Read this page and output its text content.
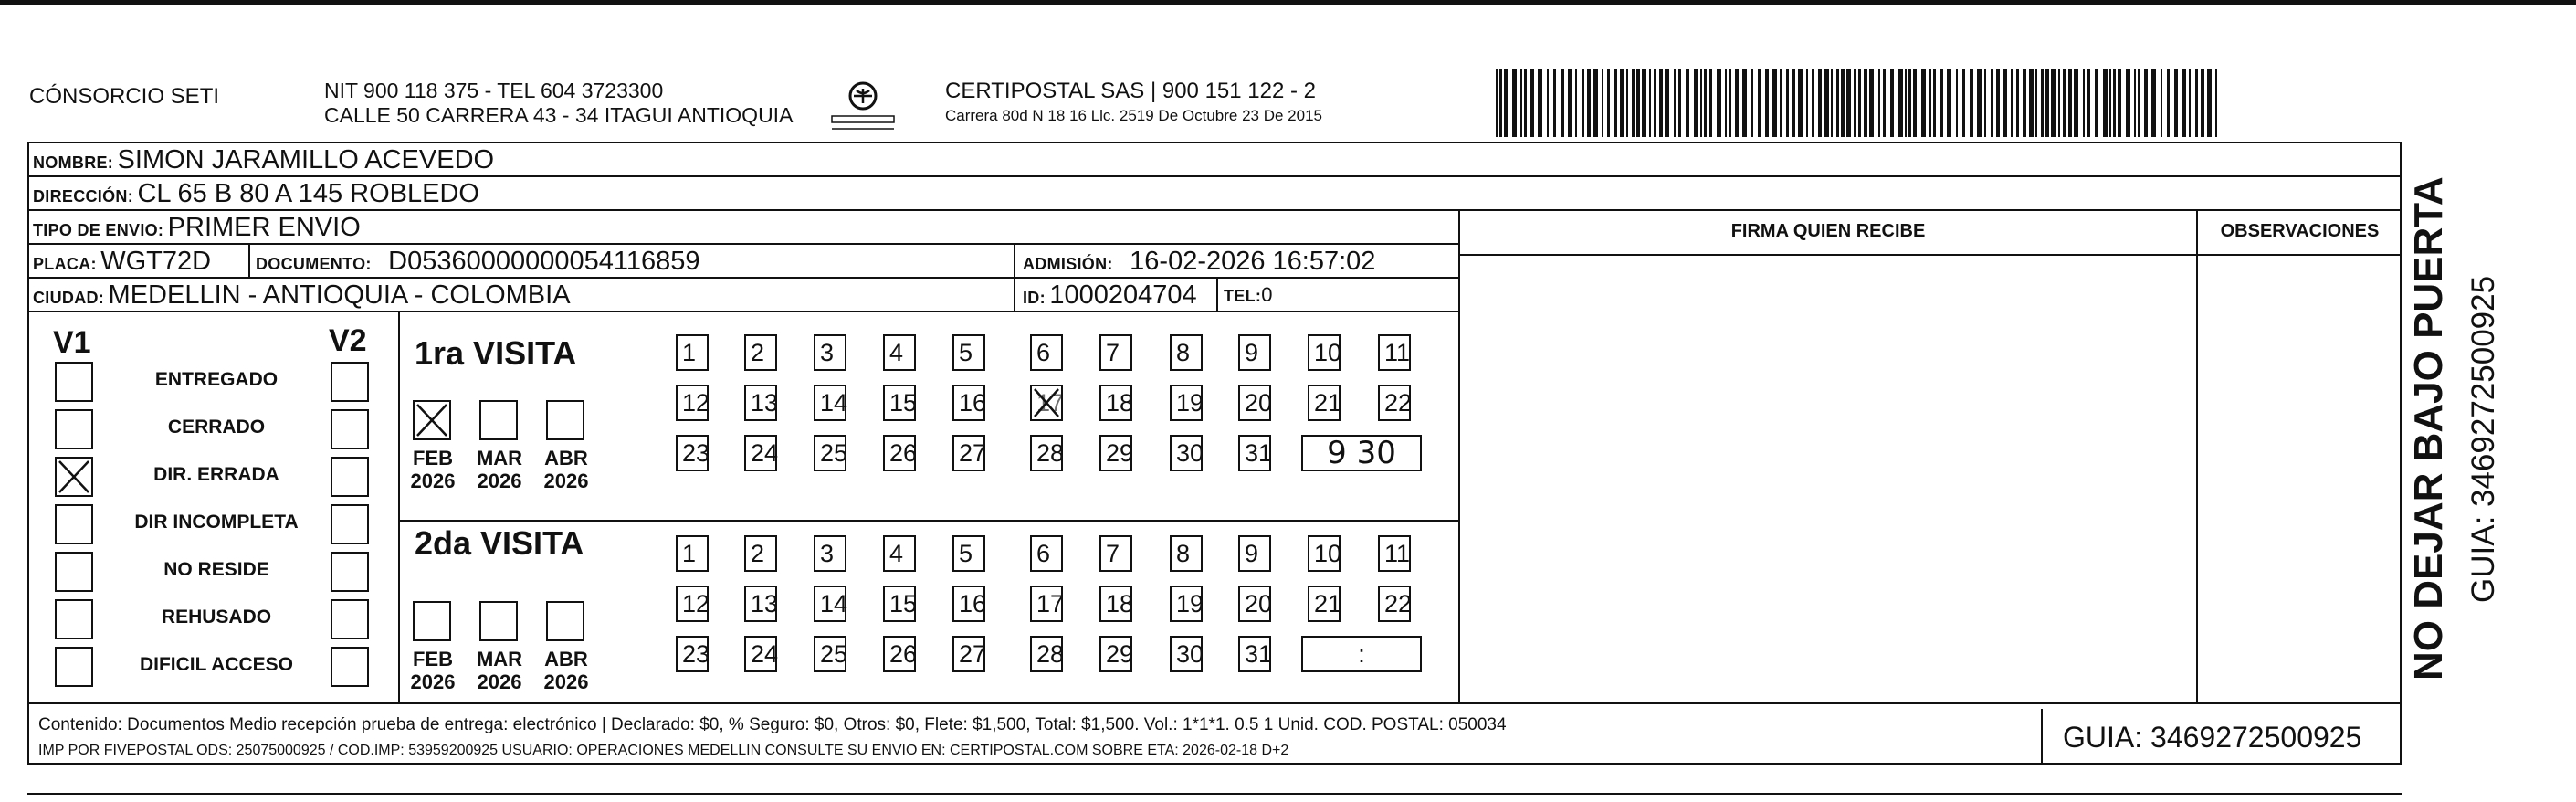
CÓNSORCIO SETI	NIT 900 118 375 - TEL 604 3723300
CALLE 50 CARRERA 43 - 34 ITAGUI ANTIOQUIA
CERTIPOSTAL SAS | 900 151 122 - 2
Carrera 80d N 18 16 Llc. 2519 De Octubre 23 De 2015
NOMBRE: SIMON JARAMILLO ACEVEDO
DIRECCIÓN: CL 65 B 80 A 145 ROBLEDO
TIPO DE ENVIO: PRIMER ENVIO
PLACA: WGT72D	DOCUMENTO: D05360000000054116859	ADMISIÓN: 16-02-2026 16:57:02
CIUDAD: MEDELLIN - ANTIOQUIA - COLOMBIA	ID: 1000204704 TEL:0
FIRMA QUIEN RECIBE	OBSERVACIONES
V1	V2
ENTREGADO
CERRADO
DIR. ERRADA
DIR INCOMPLETA
NO RESIDE
REHUSADO
DIFICIL ACCESO
1ra VISITA
2da VISITA
FEB
2026
MAR
2026
ABR
2026
1	2	3	4	5	6	7	8	9	10 11
12 13 14 15 16 17 18 19 20 21 22
23 24 25 26 27 28 29 30 31	9 30
FEB
2026
MAR
2026
ABR
2026
1	2	3	4	5	6	7	8	9	10 11
12 13 14 15 16 17 18 19 20 21 22
23 24 25 26 27 28 29 30 31	:
Contenido: Documentos Medio recepción prueba de entrega: electrónico | Declarado: $0, % Seguro: $0, Otros: $0, Flete: $1,500, Total: $1,500. Vol.: 1*1*1. 0.5 1 Unid. COD. POSTAL: 050034
IMP POR FIVEPOSTAL ODS: 25075000925 / COD.IMP: 53959200925 USUARIO: OPERACIONES MEDELLIN CONSULTE SU ENVIO EN: CERTIPOSTAL.COM SOBRE ETA: 2026-02-18 D+2	GUIA: 3469272500925
NO DEJAR BAJO PUERTA GUIA: 3469272500925
